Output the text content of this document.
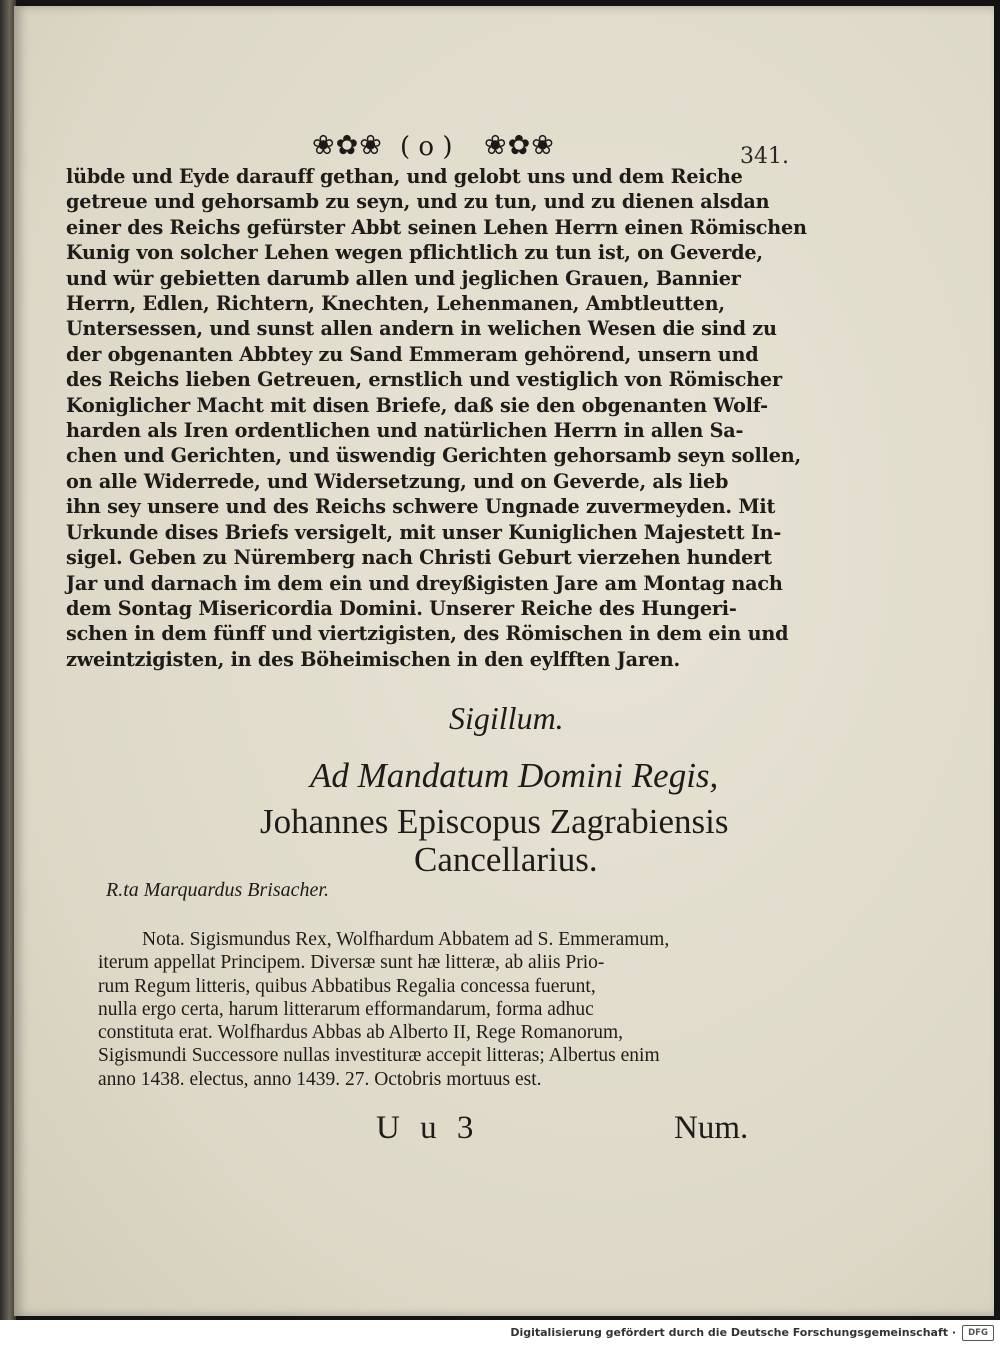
❀✿❀ ( o ) ❀✿❀	341.
lübde und Eyde darauff gethan, und gelobt uns und dem Reiche
getreue und gehorsamb zu seyn, und zu tun, und zu dienen alsdan
einer des Reichs gefürster Abbt seinen Lehen Herrn einen Römischen
Kunig von solcher Lehen wegen pflichtlich zu tun ist, on Geverde,
und wür gebietten darumb allen und jeglichen Grauen, Bannier
Herrn, Edlen, Richtern, Knechten, Lehenmanen, Ambtleutten,
Untersessen, und sunst allen andern in welichen Wesen die sind zu
der obgenanten Abbtey zu Sand Emmeram gehörend, unsern und
des Reichs lieben Getreuen, ernstlich und vestiglich von Römischer
Koniglicher Macht mit disen Briefe, daß sie den obgenanten Wolf-
harden als Iren ordentlichen und natürlichen Herrn in allen Sa-
chen und Gerichten, und üswendig Gerichten gehorsamb seyn sollen,
on alle Widerrede, und Widersetzung, und on Geverde, als lieb
ihn sey unsere und des Reichs schwere Ungnade zuvermeyden. Mit
Urkunde dises Briefs versigelt, mit unser Kuniglichen Majestett In-
sigel. Geben zu Nüremberg nach Christi Geburt vierzehen hundert
Jar und darnach im dem ein und dreyßigisten Jare am Montag nach
dem Sontag Misericordia Domini. Unserer Reiche des Hungeri-
schen in dem fünff und viertzigisten, des Römischen in dem ein und
zweintzigisten, in des Böheimischen in den eylfften Jaren.
Sigillum.
Ad Mandatum Domini Regis,
Johannes Episcopus Zagrabiensis
Cancellarius.
R.ta Marquardus Brisacher.
Nota. Sigismundus Rex, Wolfhardum Abbatem ad S. Emmeramum,
iterum appellat Principem. Diversæ sunt hæ litteræ, ab aliis Prio-
rum Regum litteris, quibus Abbatibus Regalia concessa fuerunt,
nulla ergo certa, harum litterarum efformandarum, forma adhuc
constituta erat. Wolfhardus Abbas ab Alberto II, Rege Romanorum,
Sigismundi Successore nullas investituræ accepit litteras; Albertus enim
anno 1438. electus, anno 1439. 27. Octobris mortuus est.
U u 3	Num.
Digitalisierung gefördert durch die Deutsche Forschungsgemeinschaft ·	DFG
